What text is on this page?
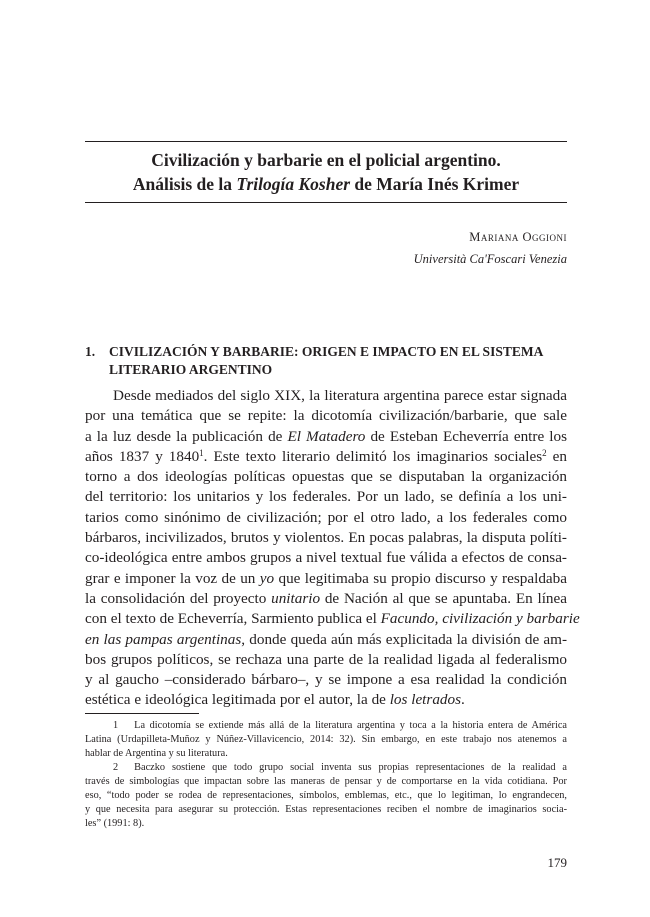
Civilización y barbarie en el policial argentino.
Análisis de la Trilogía Kosher de María Inés Krimer
Mariana Oggioni
Università Ca'Foscari Venezia
1.	CIVILIZACIÓN Y BARBARIE: ORIGEN E IMPACTO EN EL SISTEMA LITERARIO ARGENTINO
Desde mediados del siglo XIX, la literatura argentina parece estar signada
por una temática que se repite: la dicotomía civilización/barbarie, que sale
a la luz desde la publicación de El Matadero de Esteban Echeverría entre los
años 1837 y 1840$^1$. Este texto literario delimitó los imaginarios sociales$^2$ en
torno a dos ideologías políticas opuestas que se disputaban la organización
del territorio: los unitarios y los federales. Por un lado, se definía a los uni-
tarios como sinónimo de civilización; por el otro lado, a los federales como
bárbaros, incivilizados, brutos y violentos. En pocas palabras, la disputa políti-
co-ideológica entre ambos grupos a nivel textual fue válida a efectos de consa-
grar e imponer la voz de un yo que legitimaba su propio discurso y respaldaba
la consolidación del proyecto unitario de Nación al que se apuntaba. En línea
con el texto de Echeverría, Sarmiento publica el Facundo, civilización y barbarie
en las pampas argentinas, donde queda aún más explicitada la división de am-
bos grupos políticos, se rechaza una parte de la realidad ligada al federalismo
y al gaucho –considerado bárbaro–, y se impone a esa realidad la condición
estética e ideológica legitimada por el autor, la de los letrados.
1 La dicotomía se extiende más allá de la literatura argentina y toca a la historia entera de América
Latina (Urdapilleta-Muñoz y Núñez-Villavicencio, 2014: 32). Sin embargo, en este trabajo nos atenemos a
hablar de Argentina y su literatura.
2 Baczko sostiene que todo grupo social inventa sus propias representaciones de la realidad a
través de simbologías que impactan sobre las maneras de pensar y de comportarse en la vida cotidiana. Por
eso, “todo poder se rodea de representaciones, símbolos, emblemas, etc., que lo legitiman, lo engrandecen,
y que necesita para asegurar su protección. Estas representaciones reciben el nombre de imaginarios socia-
les” (1991: 8).
179
